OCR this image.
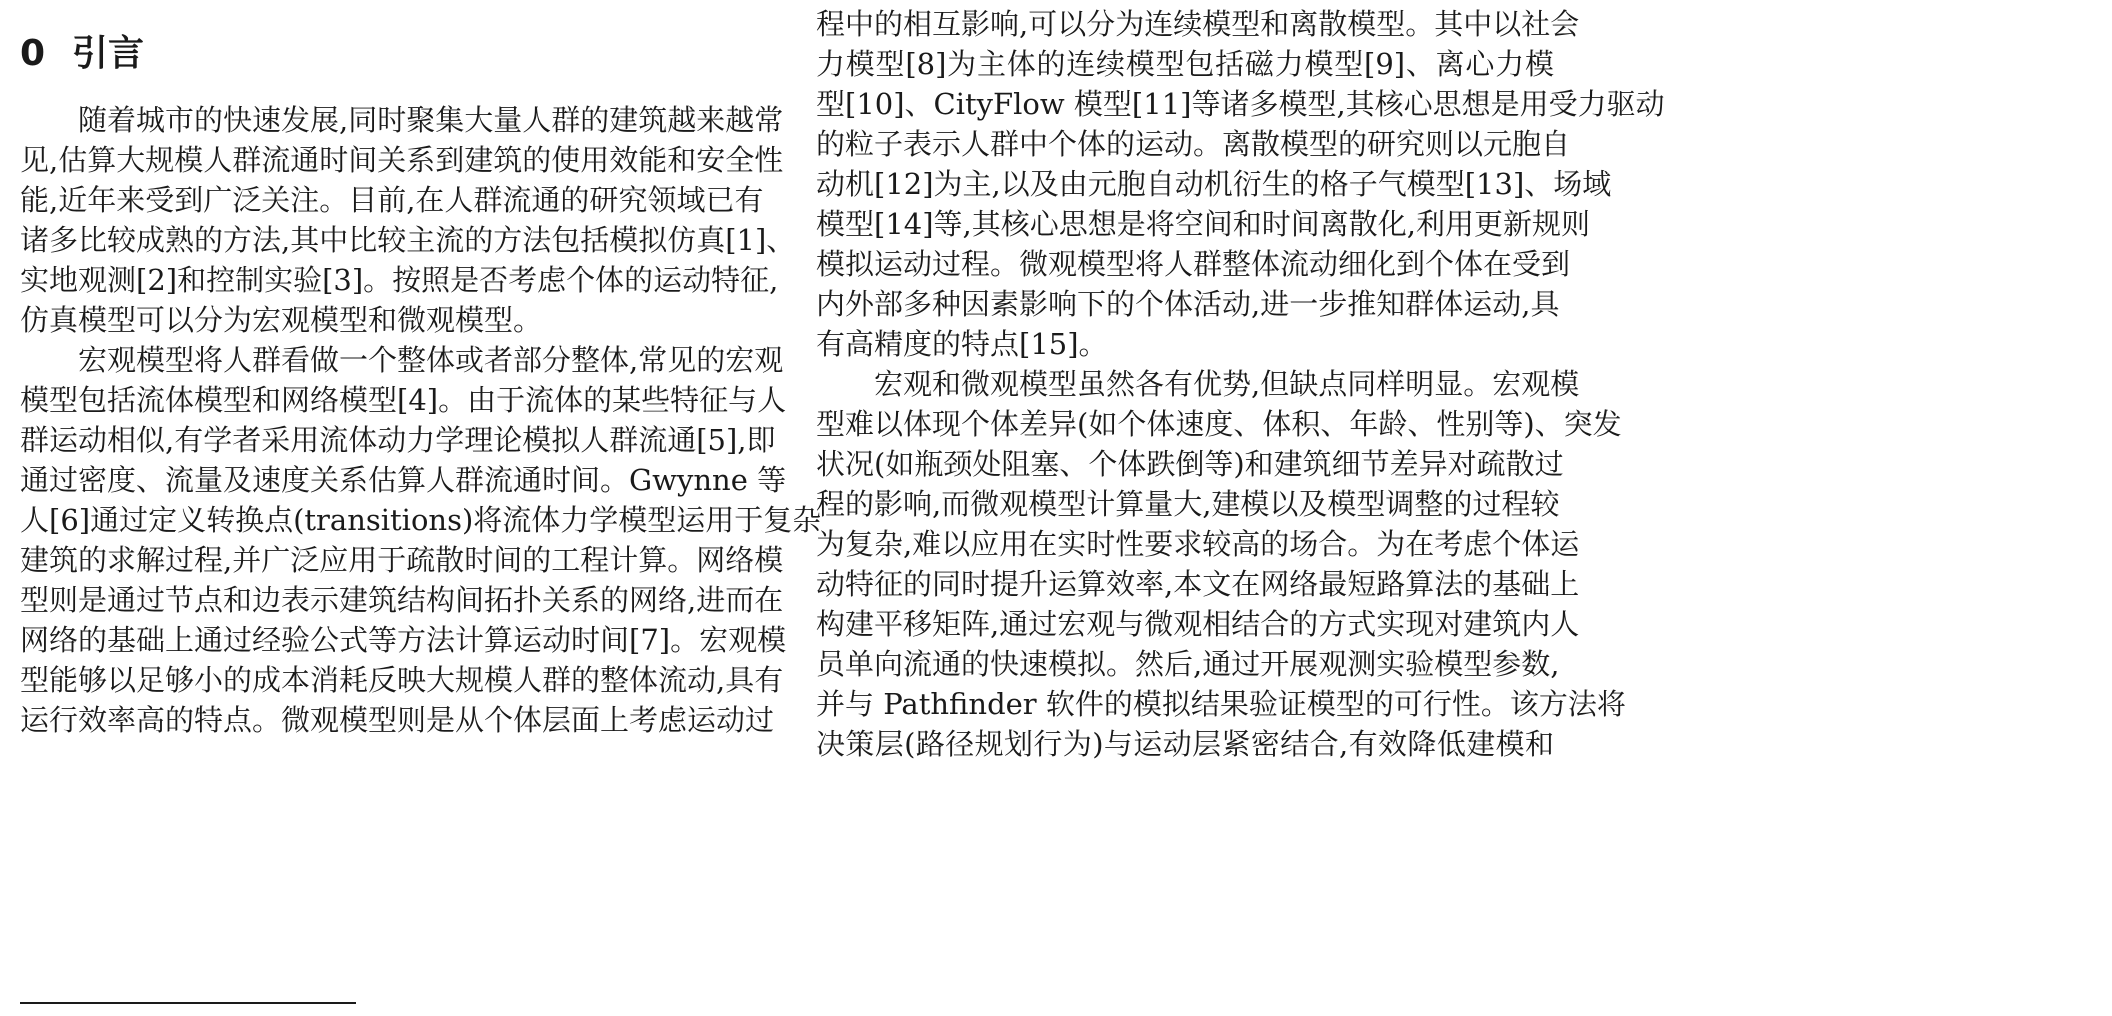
0 引言
随着城市的快速发展,同时聚集大量人群的建筑越来越常
见,估算大规模人群流通时间关系到建筑的使用效能和安全性
能,近年来受到广泛关注。目前,在人群流通的研究领域已有
诸多比较成熟的方法,其中比较主流的方法包括模拟仿真[1]、
实地观测[2]和控制实验[3]。按照是否考虑个体的运动特征,
仿真模型可以分为宏观模型和微观模型。
宏观模型将人群看做一个整体或者部分整体,常见的宏观
模型包括流体模型和网络模型[4]。由于流体的某些特征与人
群运动相似,有学者采用流体动力学理论模拟人群流通[5],即
通过密度、流量及速度关系估算人群流通时间。Gwynne 等
人[6]通过定义转换点(transitions)将流体力学模型运用于复杂
建筑的求解过程,并广泛应用于疏散时间的工程计算。网络模
型则是通过节点和边表示建筑结构间拓扑关系的网络,进而在
网络的基础上通过经验公式等方法计算运动时间[7]。宏观模
型能够以足够小的成本消耗反映大规模人群的整体流动,具有
运行效率高的特点。微观模型则是从个体层面上考虑运动过
程中的相互影响,可以分为连续模型和离散模型。其中以社会
力模型[8]为主体的连续模型包括磁力模型[9]、离心力模
型[10]、CityFlow 模型[11]等诸多模型,其核心思想是用受力驱动
的粒子表示人群中个体的运动。离散模型的研究则以元胞自
动机[12]为主,以及由元胞自动机衍生的格子气模型[13]、场域
模型[14]等,其核心思想是将空间和时间离散化,利用更新规则
模拟运动过程。微观模型将人群整体流动细化到个体在受到
内外部多种因素影响下的个体活动,进一步推知群体运动,具
有高精度的特点[15]。
宏观和微观模型虽然各有优势,但缺点同样明显。宏观模
型难以体现个体差异(如个体速度、体积、年龄、性别等)、突发
状况(如瓶颈处阻塞、个体跌倒等)和建筑细节差异对疏散过
程的影响,而微观模型计算量大,建模以及模型调整的过程较
为复杂,难以应用在实时性要求较高的场合。为在考虑个体运
动特征的同时提升运算效率,本文在网络最短路算法的基础上
构建平移矩阵,通过宏观与微观相结合的方式实现对建筑内人
员单向流通的快速模拟。然后,通过开展观测实验模型参数,
并与 Pathfinder 软件的模拟结果验证模型的可行性。该方法将
决策层(路径规划行为)与运动层紧密结合,有效降低建模和
